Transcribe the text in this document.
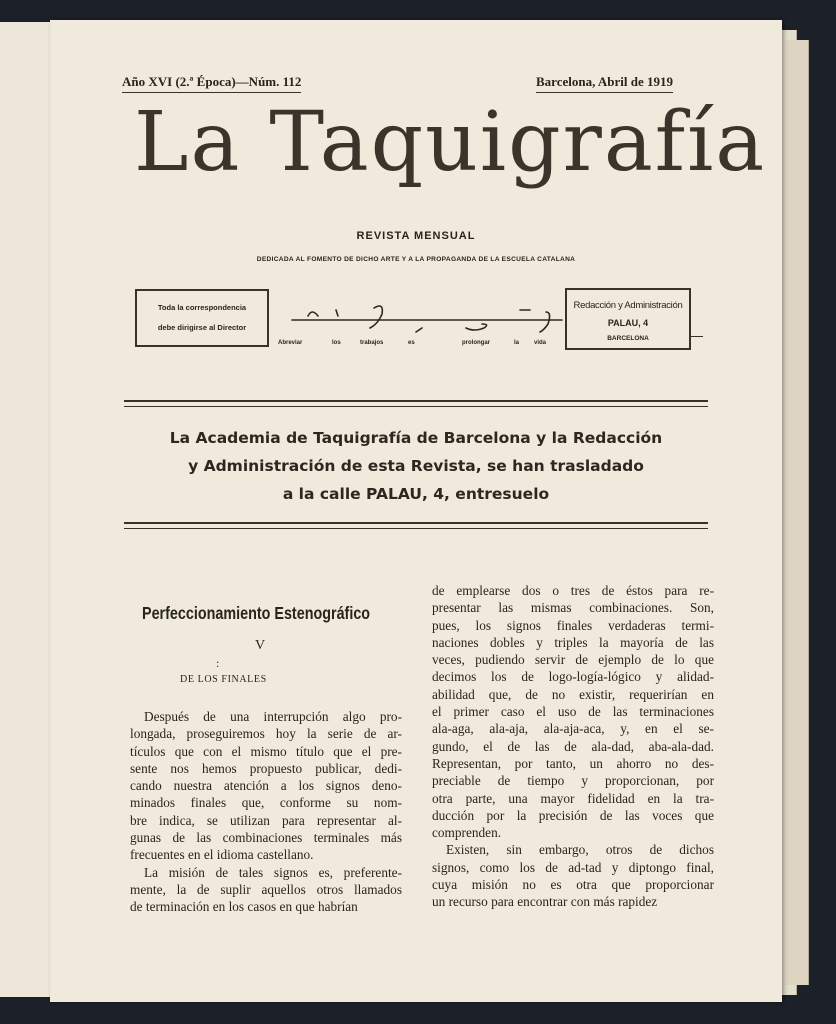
Año XVI (2.ª Época)—Núm. 112	Barcelona, Abril de 1919
La Taquigrafía
REVISTA MENSUAL
DEDICADA AL FOMENTO DE DICHO ARTE Y A LA PROPAGANDA DE LA ESCUELA CATALANA
Toda la correspondencia
debe dirigirse al Director
Abreviar	los	trabajos	es	prolongar	la vida
Redacción y Administración
PALAU, 4
BARCELONA
La Academia de Taquigrafía de Barcelona y la Redacción
y Administración de esta Revista, se han trasladado
a la calle PALAU, 4, entresuelo
Perfeccionamiento Estenográfico
V
:
DE LOS FINALES
Después de una interrupción algo pro-
longada, proseguiremos hoy la serie de ar-
tículos que con el mismo título que el pre-
sente nos hemos propuesto publicar, dedi-
cando nuestra atención a los signos deno-
minados finales que, conforme su nom-
bre indica, se utilizan para representar al-
gunas de las combinaciones terminales más
frecuentes en el idioma castellano.
La misión de tales signos es, preferente-
mente, la de suplir aquellos otros llamados
de terminación en los casos en que habrían
de emplearse dos o tres de éstos para re-
presentar las mismas combinaciones. Son,
pues, los signos finales verdaderas termi-
naciones dobles y triples la mayoría de las
veces, pudiendo servir de ejemplo de lo que
decimos los de logo-logía-lógico y alidad-
abilidad que, de no existir, requerirían en
el primer caso el uso de las terminaciones
ala-aga, ala-aja, ala-aja-aca, y, en el se-
gundo, el de las de ala-dad, aba-ala-dad.
Representan, por tanto, un ahorro no des-
preciable de tiempo y proporcionan, por
otra parte, una mayor fidelidad en la tra-
ducción por la precisión de las voces que
comprenden.
Existen, sin embargo, otros de dichos
signos, como los de ad-tad y diptongo final,
cuya misión no es otra que proporcionar
un recurso para encontrar con más rapidez
